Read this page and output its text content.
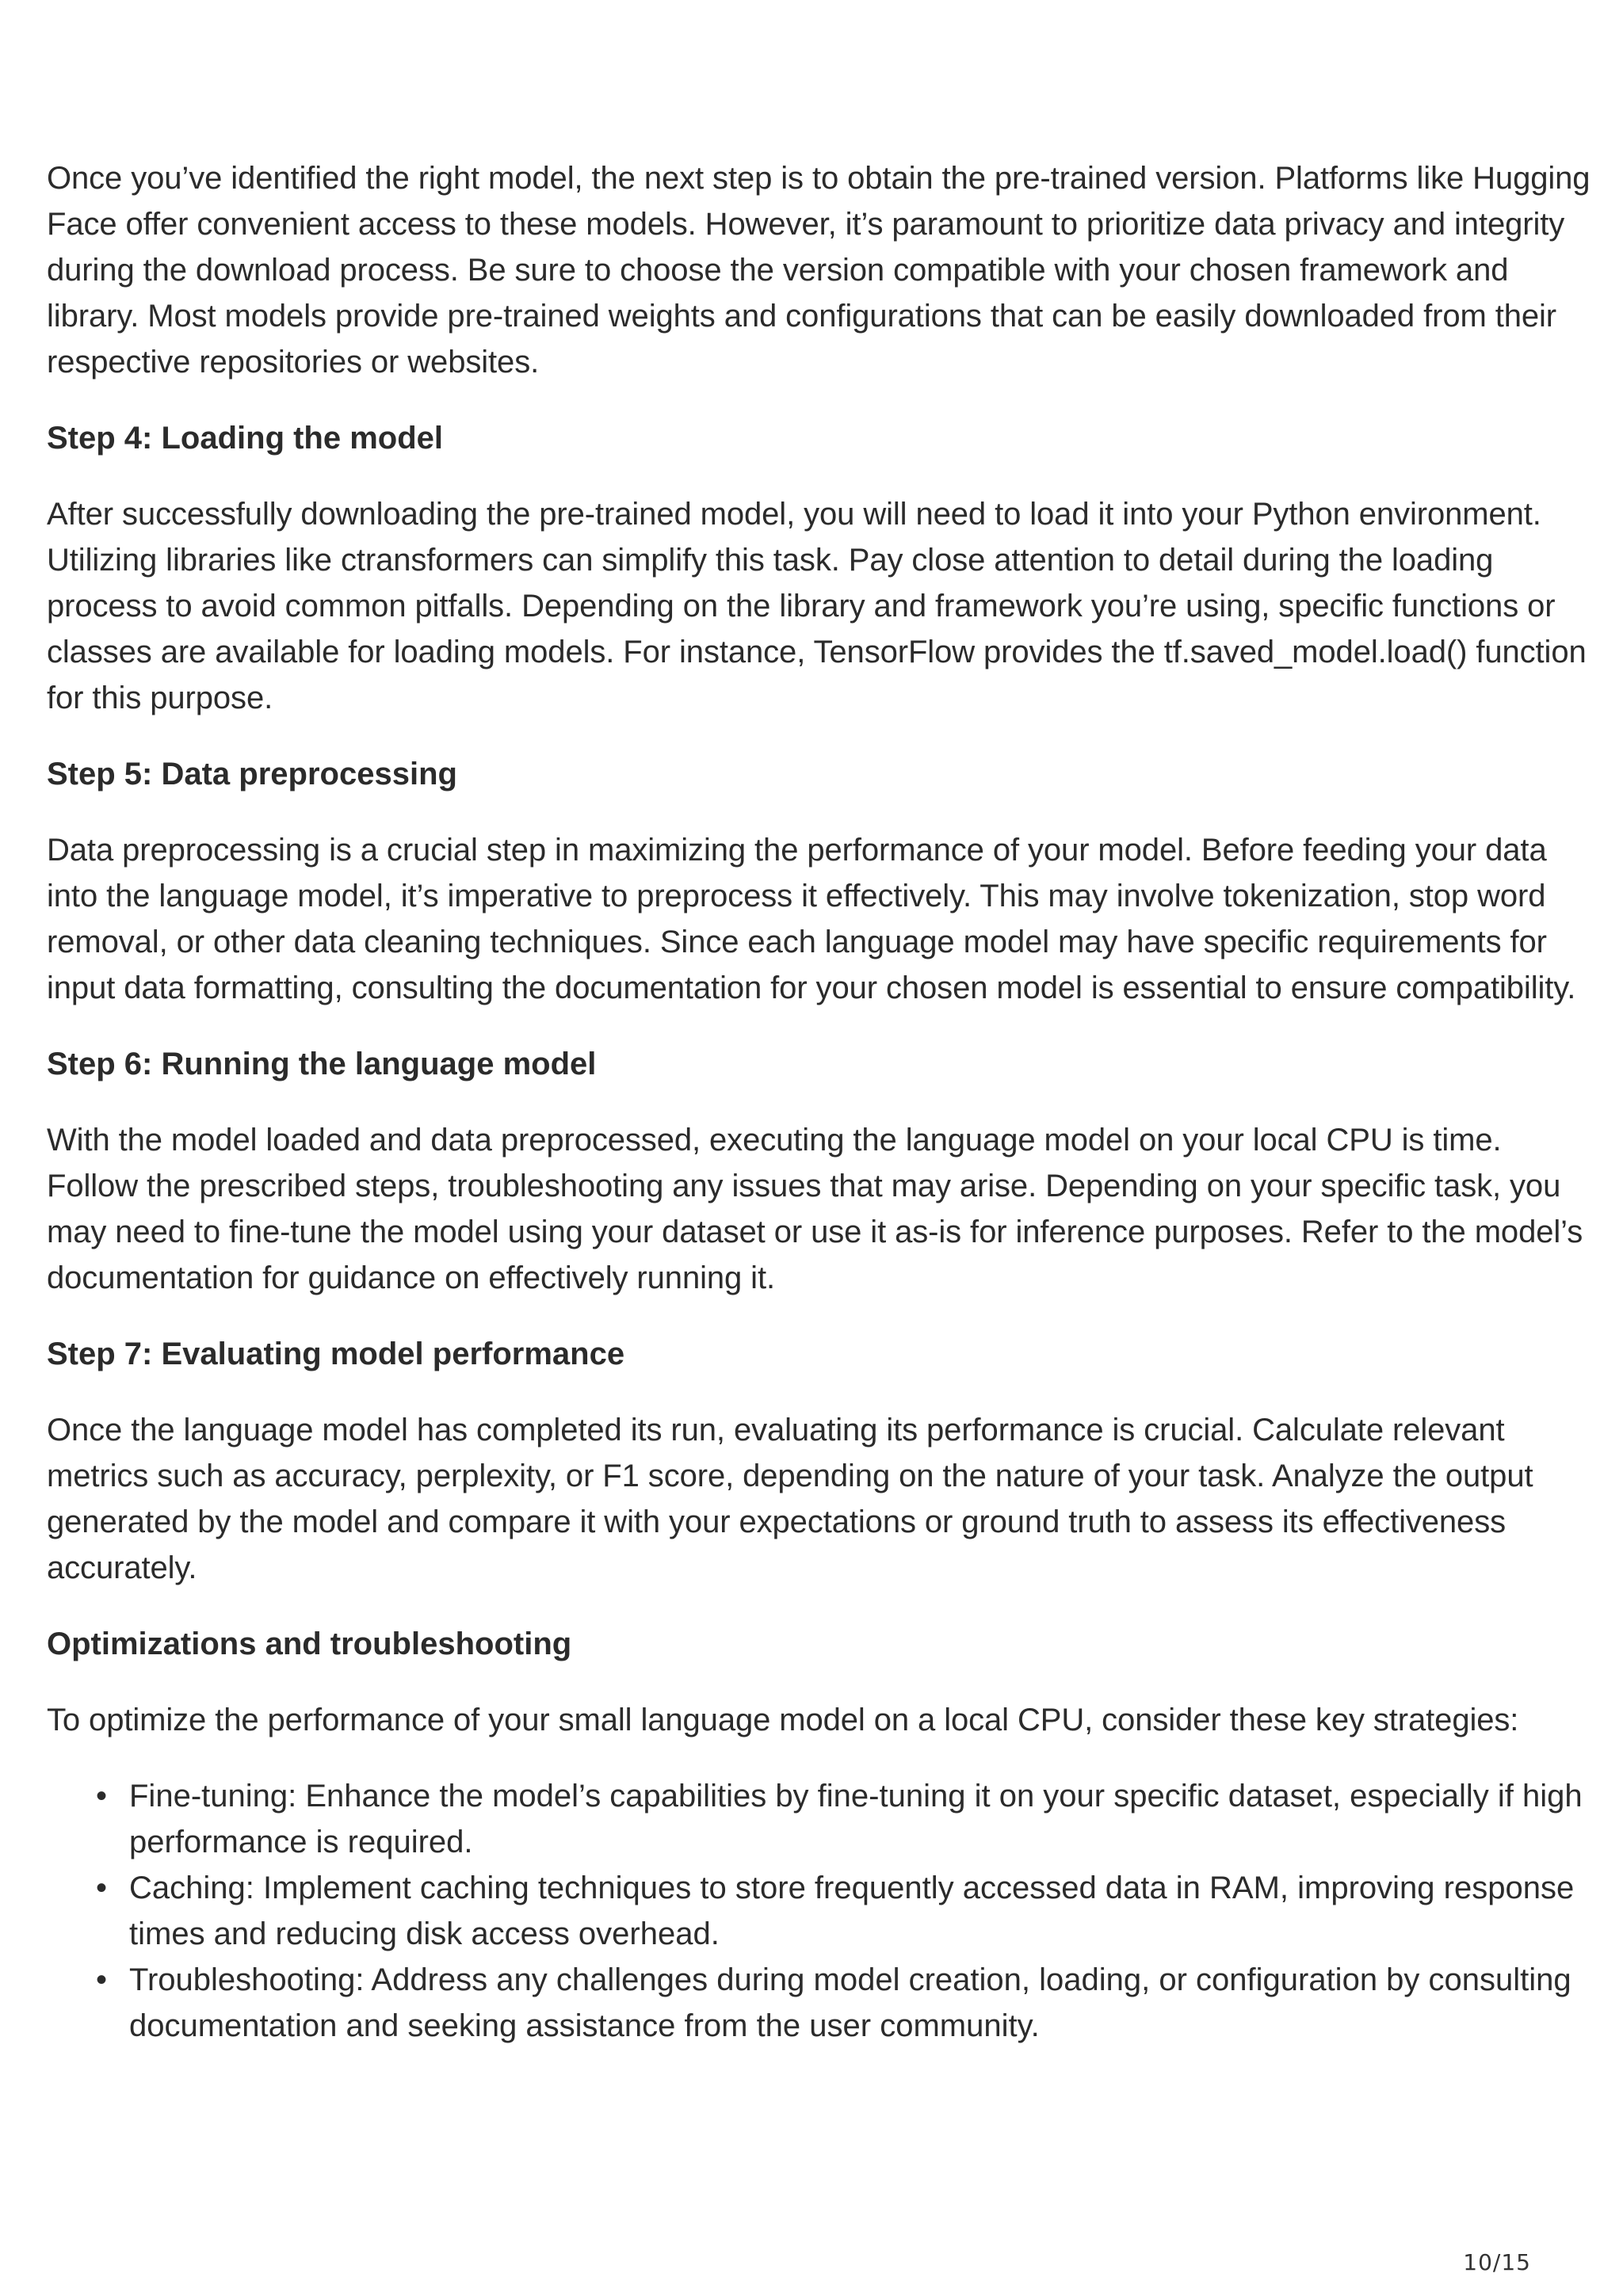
Once you’ve identified the right model, the next step is to obtain the pre-trained version. Platforms like Hugging Face offer convenient access to these models. However, it’s paramount to prioritize data privacy and integrity during the download process. Be sure to choose the version compatible with your chosen framework and library. Most models provide pre-trained weights and configurations that can be easily downloaded from their respective repositories or websites.

Step 4: Loading the model

After successfully downloading the pre-trained model, you will need to load it into your Python environment. Utilizing libraries like ctransformers can simplify this task. Pay close attention to detail during the loading process to avoid common pitfalls. Depending on the library and framework you’re using, specific functions or classes are available for loading models. For instance, TensorFlow provides the tf.saved_model.load() function for this purpose.

Step 5: Data preprocessing

Data preprocessing is a crucial step in maximizing the performance of your model. Before feeding your data into the language model, it’s imperative to preprocess it effectively. This may involve tokenization, stop word removal, or other data cleaning techniques. Since each language model may have specific requirements for input data formatting, consulting the documentation for your chosen model is essential to ensure compatibility.

Step 6: Running the language model

With the model loaded and data preprocessed, executing the language model on your local CPU is time. Follow the prescribed steps, troubleshooting any issues that may arise. Depending on your specific task, you may need to fine-tune the model using your dataset or use it as-is for inference purposes. Refer to the model’s documentation for guidance on effectively running it.

Step 7: Evaluating model performance

Once the language model has completed its run, evaluating its performance is crucial. Calculate relevant metrics such as accuracy, perplexity, or F1 score, depending on the nature of your task. Analyze the output generated by the model and compare it with your expectations or ground truth to assess its effectiveness accurately.

Optimizations and troubleshooting

To optimize the performance of your small language model on a local CPU, consider these key strategies:

• Fine-tuning: Enhance the model’s capabilities by fine-tuning it on your specific dataset, especially if high performance is required.
• Caching: Implement caching techniques to store frequently accessed data in RAM, improving response times and reducing disk access overhead.
• Troubleshooting: Address any challenges during model creation, loading, or configuration by consulting documentation and seeking assistance from the user community.
10/15
